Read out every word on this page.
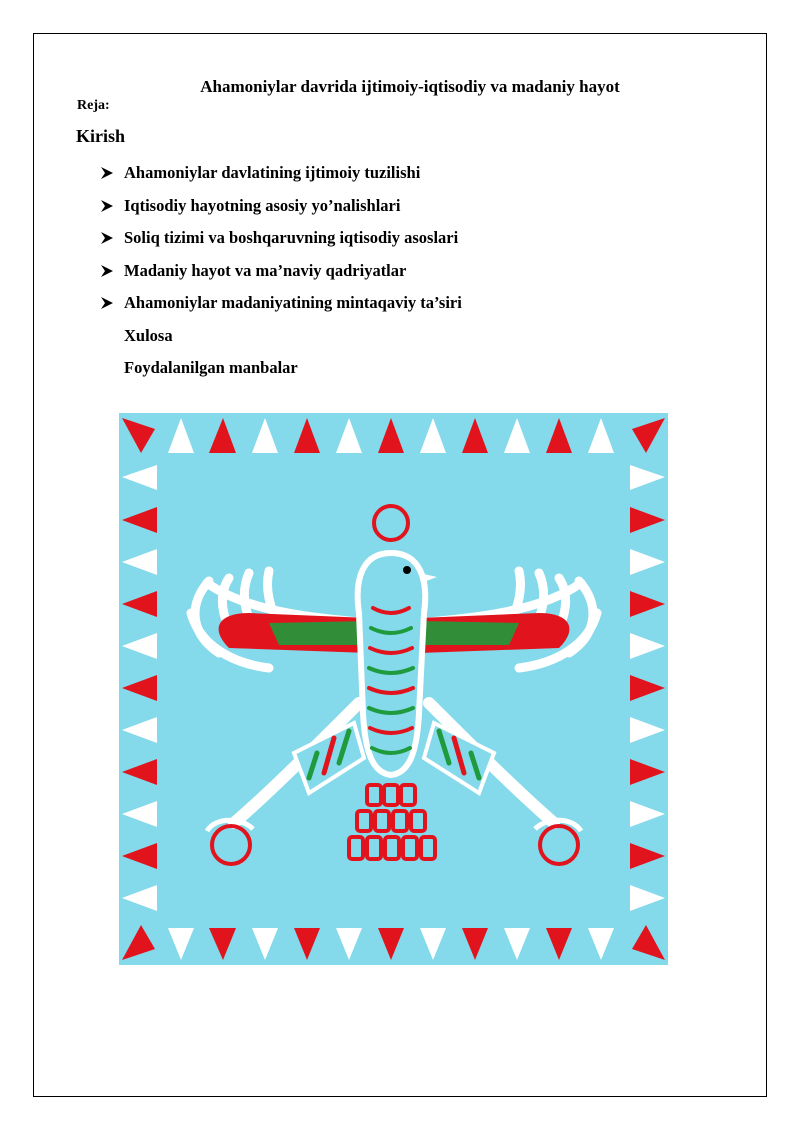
Ahamoniylar davrida ijtimoiy-iqtisodiy va madaniy hayot
Reja:
Kirish
Ahamoniylar davlatining ijtimoiy tuzilishi
Iqtisodiy hayotning asosiy yo’nalishlari
Soliq tizimi va boshqaruvning iqtisodiy asoslari
Madaniy hayot va ma’naviy qadriyatlar
Ahamoniylar madaniyatining mintaqaviy ta’siri
Xulosa
Foydalanilgan manbalar
